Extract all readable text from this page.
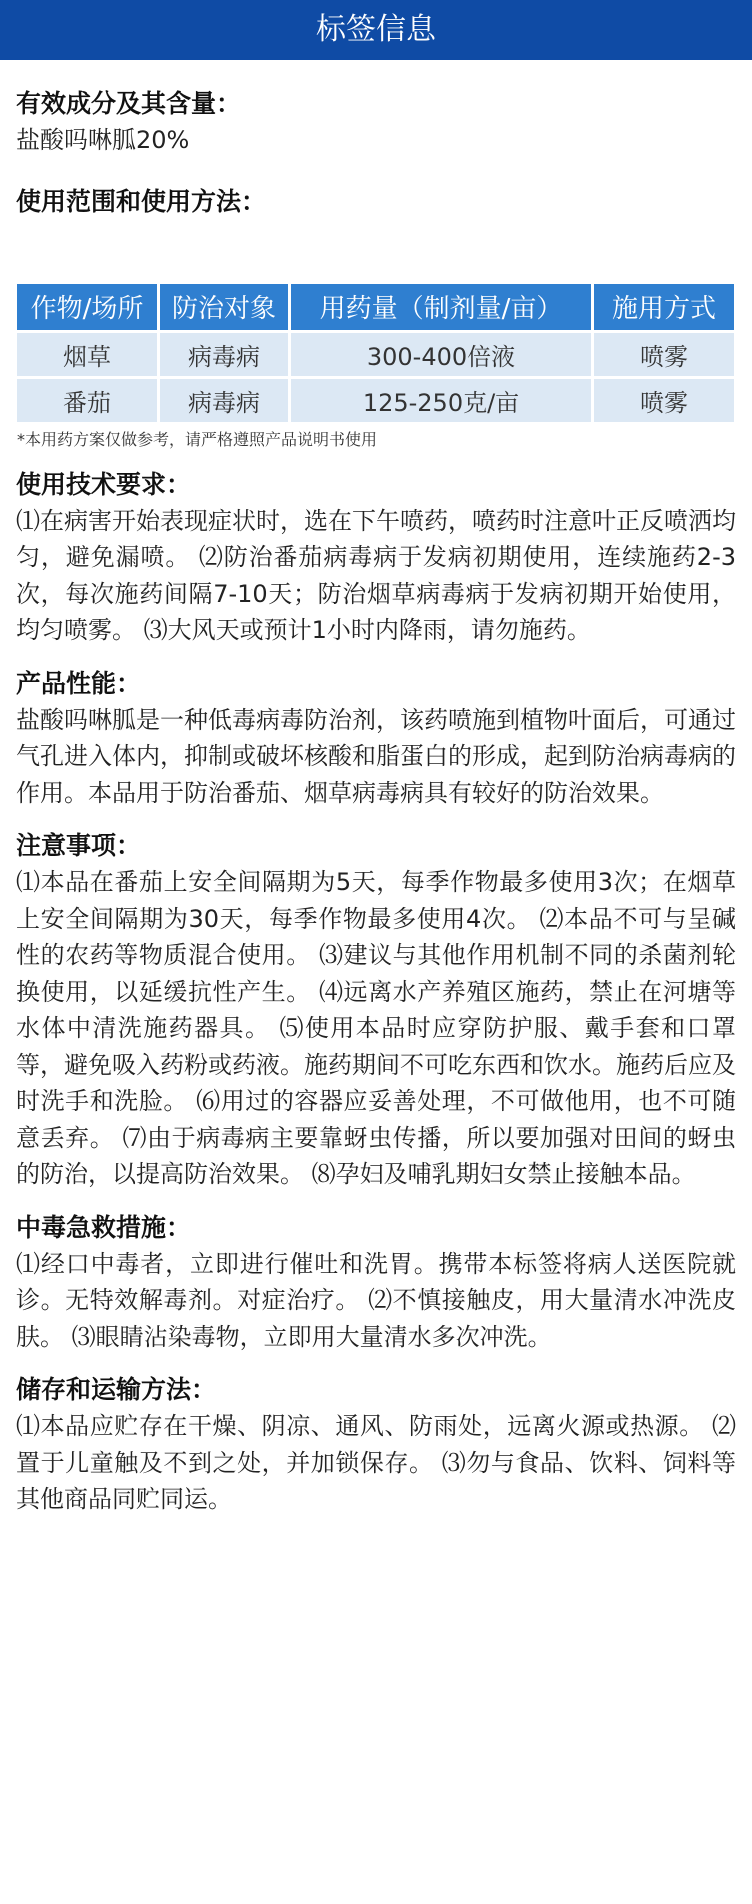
标签信息
有效成分及其含量：
盐酸吗啉胍20%
使用范围和使用方法：
作物/场所	防治对象	用药量（制剂量/亩）	施用方式
烟草	病毒病	300-400倍液	喷雾
番茄	病毒病	125-250克/亩	喷雾
*本用药方案仅做参考，请严格遵照产品说明书使用
使用技术要求：
⑴在病害开始表现症状时，选在下午喷药，喷药时注意叶正反喷洒均匀，避免漏喷。 ⑵防治番茄病毒病于发病初期使用，连续施药2-3次，每次施药间隔7-10天；防治烟草病毒病于发病初期开始使用，均匀喷雾。 ⑶大风天或预计1小时内降雨，请勿施药。
产品性能：
盐酸吗啉胍是一种低毒病毒防治剂，该药喷施到植物叶面后，可通过气孔进入体内，抑制或破坏核酸和脂蛋白的形成，起到防治病毒病的作用。本品用于防治番茄、烟草病毒病具有较好的防治效果。
注意事项：
⑴本品在番茄上安全间隔期为5天，每季作物最多使用3次；在烟草上安全间隔期为30天，每季作物最多使用4次。 ⑵本品不可与呈碱性的农药等物质混合使用。 ⑶建议与其他作用机制不同的杀菌剂轮换使用，以延缓抗性产生。 ⑷远离水产养殖区施药，禁止在河塘等水体中清洗施药器具。 ⑸使用本品时应穿防护服、戴手套和口罩等，避免吸入药粉或药液。施药期间不可吃东西和饮水。施药后应及时洗手和洗脸。 ⑹用过的容器应妥善处理，不可做他用，也不可随意丢弃。 ⑺由于病毒病主要靠蚜虫传播，所以要加强对田间的蚜虫的防治，以提高防治效果。 ⑻孕妇及哺乳期妇女禁止接触本品。
中毒急救措施：
⑴经口中毒者，立即进行催吐和洗胃。携带本标签将病人送医院就诊。无特效解毒剂。对症治疗。 ⑵不慎接触皮，用大量清水冲洗皮肤。 ⑶眼睛沾染毒物，立即用大量清水多次冲洗。
储存和运输方法：
⑴本品应贮存在干燥、阴凉、通风、防雨处，远离火源或热源。 ⑵置于儿童触及不到之处，并加锁保存。 ⑶勿与食品、饮料、饲料等其他商品同贮同运。
